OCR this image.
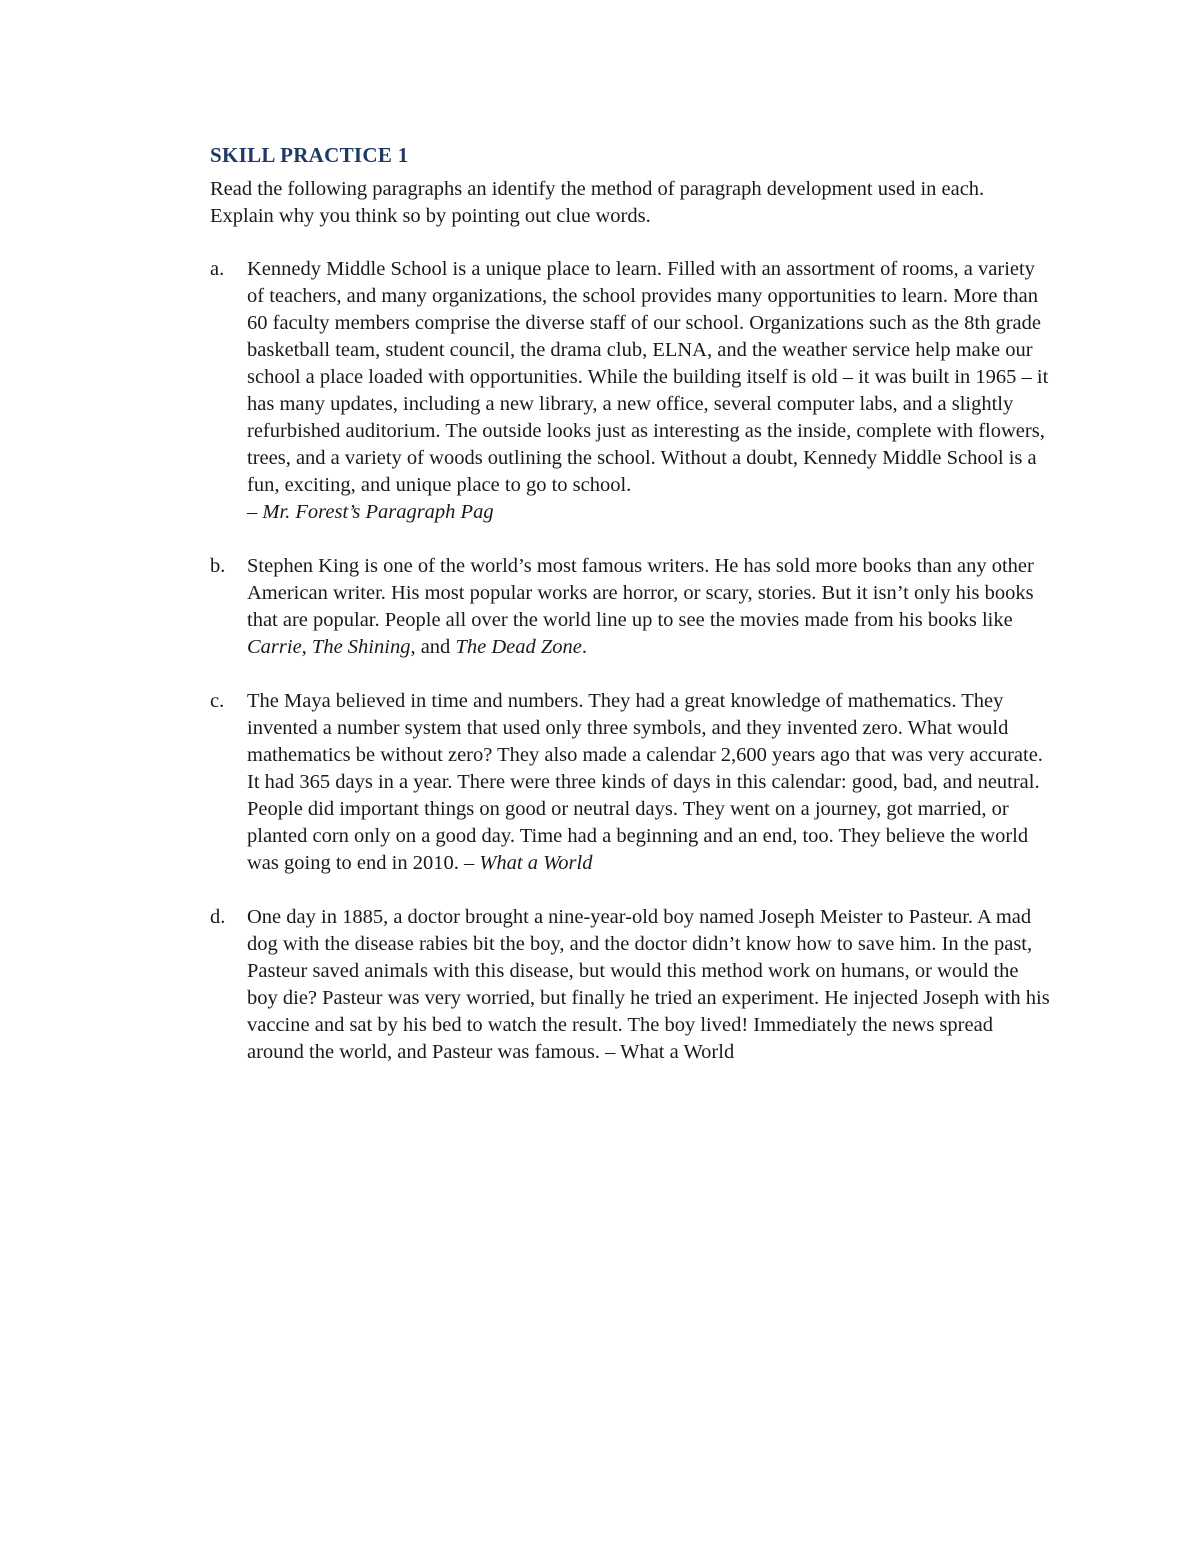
SKILL PRACTICE 1
Read the following paragraphs an identify the method of paragraph development used in each. Explain why you think so by pointing out clue words.
a.	Kennedy Middle School is a unique place to learn. Filled with an assortment of rooms, a variety of teachers, and many organizations, the school provides many opportunities to learn. More than 60 faculty members comprise the diverse staff of our school. Organizations such as the 8th grade basketball team, student council, the drama club, ELNA, and the weather service help make our school a place loaded with opportunities. While the building itself is old – it was built in 1965 – it has many updates, including a new library, a new office, several computer labs, and a slightly refurbished auditorium. The outside looks just as interesting as the inside, complete with flowers, trees, and a variety of woods outlining the school. Without a doubt, Kennedy Middle School is a fun, exciting, and unique place to go to school.
– Mr. Forest’s Paragraph Pag
b.	Stephen King is one of the world’s most famous writers. He has sold more books than any other American writer. His most popular works are horror, or scary, stories. But it isn’t only his books that are popular. People all over the world line up to see the movies made from his books like Carrie, The Shining, and The Dead Zone.
c.	The Maya believed in time and numbers. They had a great knowledge of mathematics. They invented a number system that used only three symbols, and they invented zero. What would mathematics be without zero? They also made a calendar 2,600 years ago that was very accurate. It had 365 days in a year. There were three kinds of days in this calendar: good, bad, and neutral. People did important things on good or neutral days. They went on a journey, got married, or planted corn only on a good day. Time had a beginning and an end, too. They believe the world was going to end in 2010. – What a World
d.	One day in 1885, a doctor brought a nine-year-old boy named Joseph Meister to Pasteur. A mad dog with the disease rabies bit the boy, and the doctor didn’t know how to save him. In the past, Pasteur saved animals with this disease, but would this method work on humans, or would the boy die? Pasteur was very worried, but finally he tried an experiment. He injected Joseph with his vaccine and sat by his bed to watch the result. The boy lived! Immediately the news spread around the world, and Pasteur was famous. – What a World
